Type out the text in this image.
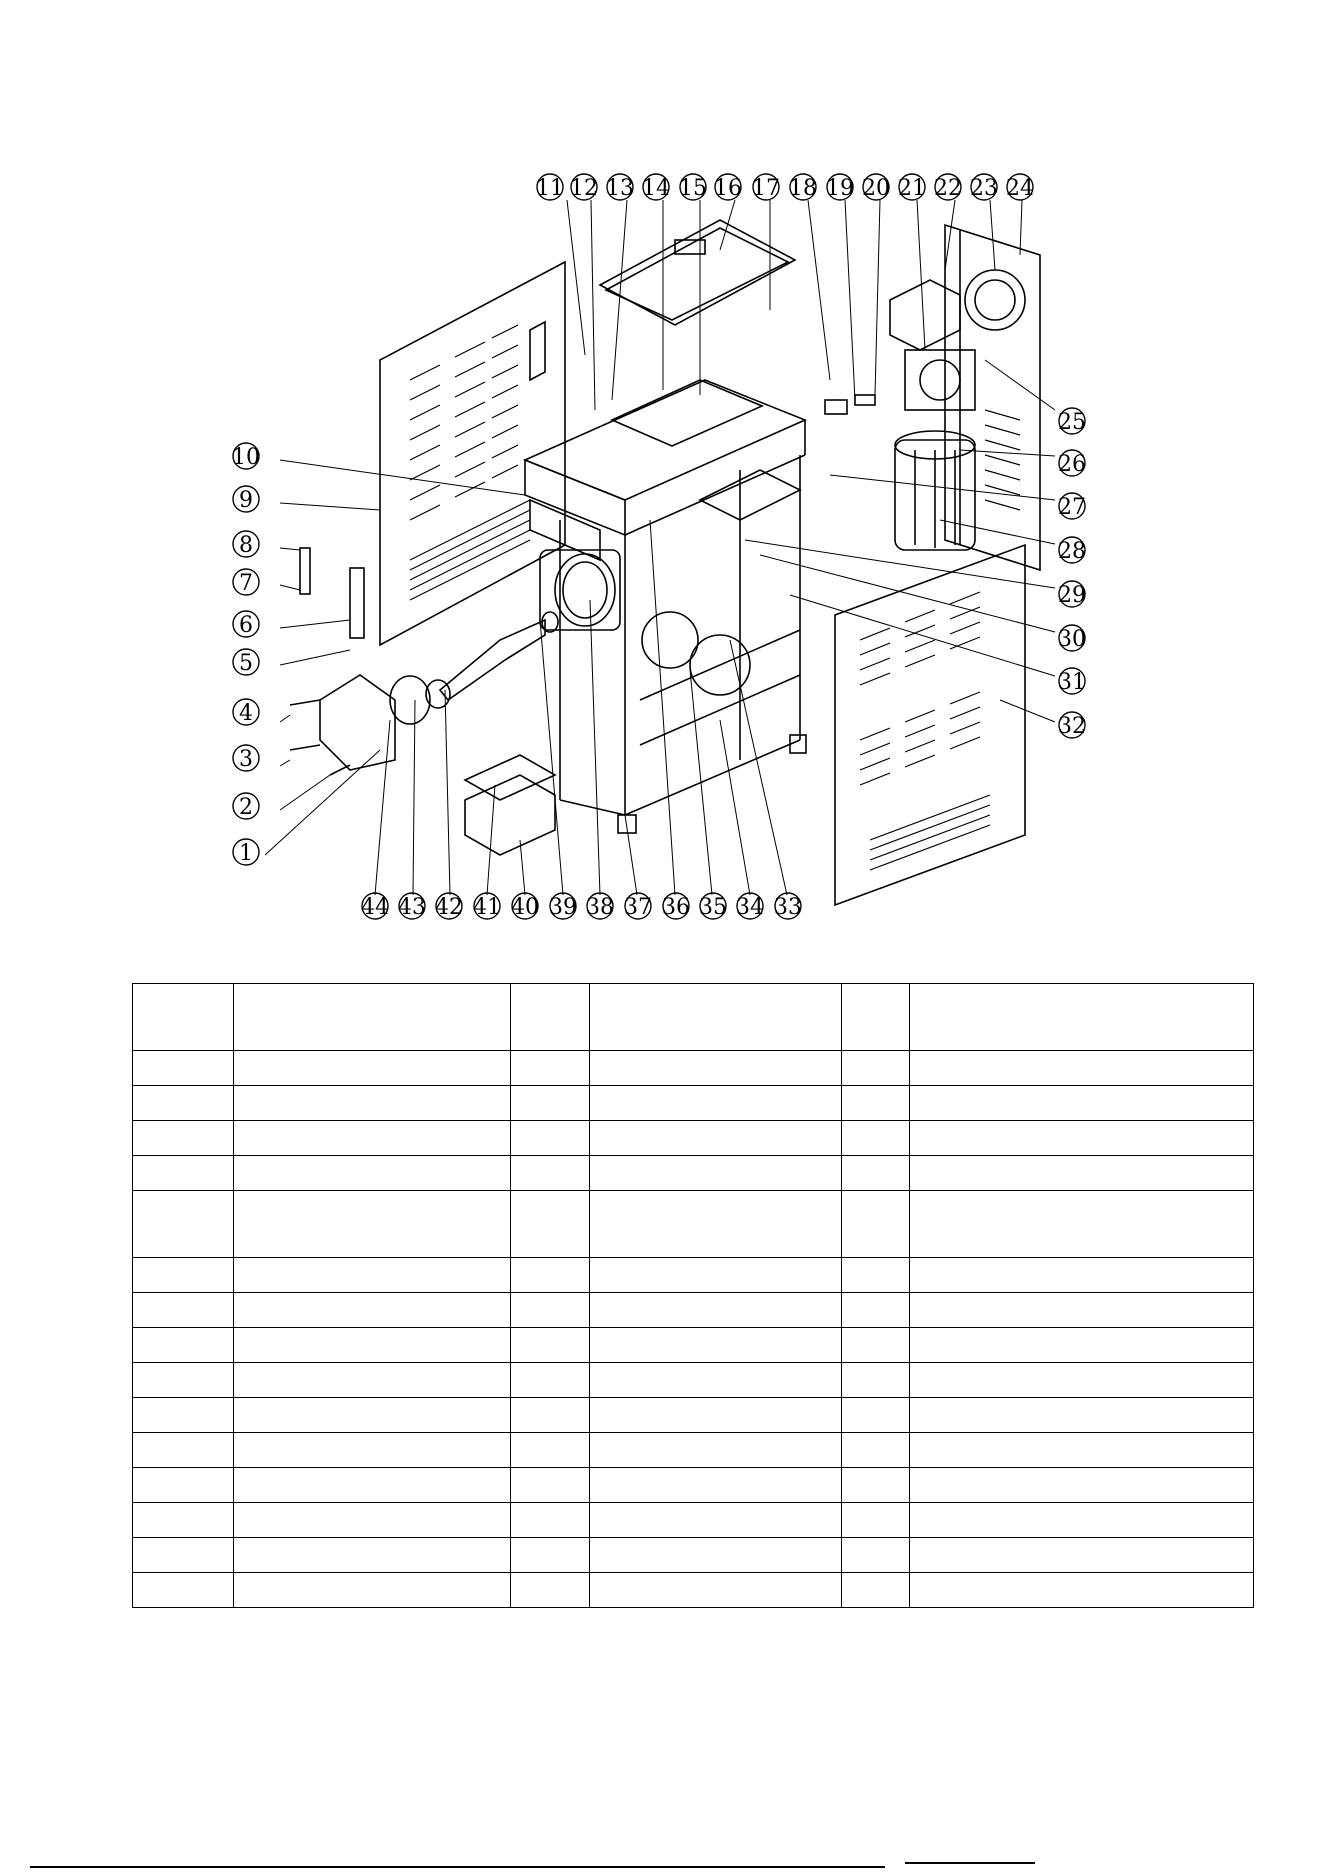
11 12 13 14 15 16 17 18 19 20 21 22 23 24
25
26
27
28
29
30
31
32
44 43 42 41 40 39 38 37 36 35 34 33
10
9
8
7
6
5
4
3
2
1
